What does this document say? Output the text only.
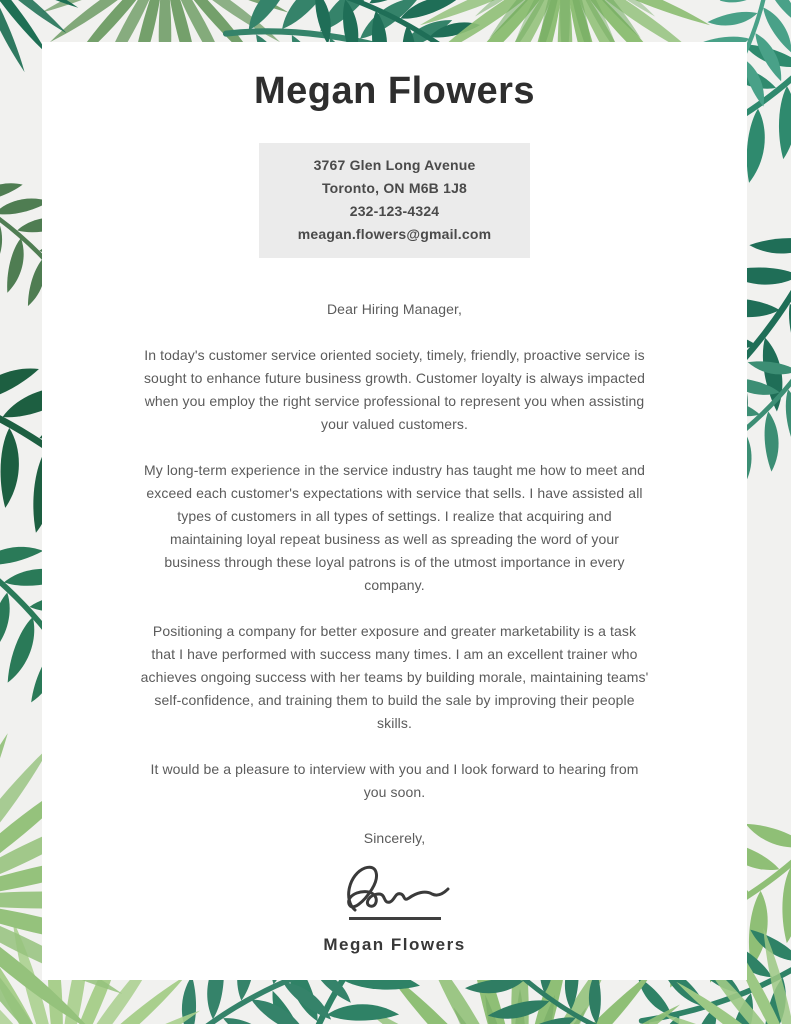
Megan Flowers
3767 Glen Long Avenue
Toronto, ON M6B 1J8
232-123-4324
meagan.flowers@gmail.com

Dear Hiring Manager,

In today's customer service oriented society, timely, friendly, proactive service is sought to enhance future business growth. Customer loyalty is always impacted when you employ the right service professional to represent you when assisting your valued customers.

My long-term experience in the service industry has taught me how to meet and exceed each customer's expectations with service that sells. I have assisted all types of customers in all types of settings. I realize that acquiring and maintaining loyal repeat business as well as spreading the word of your business through these loyal patrons is of the utmost importance in every company.

Positioning a company for better exposure and greater marketability is a task that I have performed with success many times. I am an excellent trainer who achieves ongoing success with her teams by building morale, maintaining teams' self-confidence, and training them to build the sale by improving their people skills.

It would be a pleasure to interview with you and I look forward to hearing from you soon.

Sincerely,

Megan Flowers
